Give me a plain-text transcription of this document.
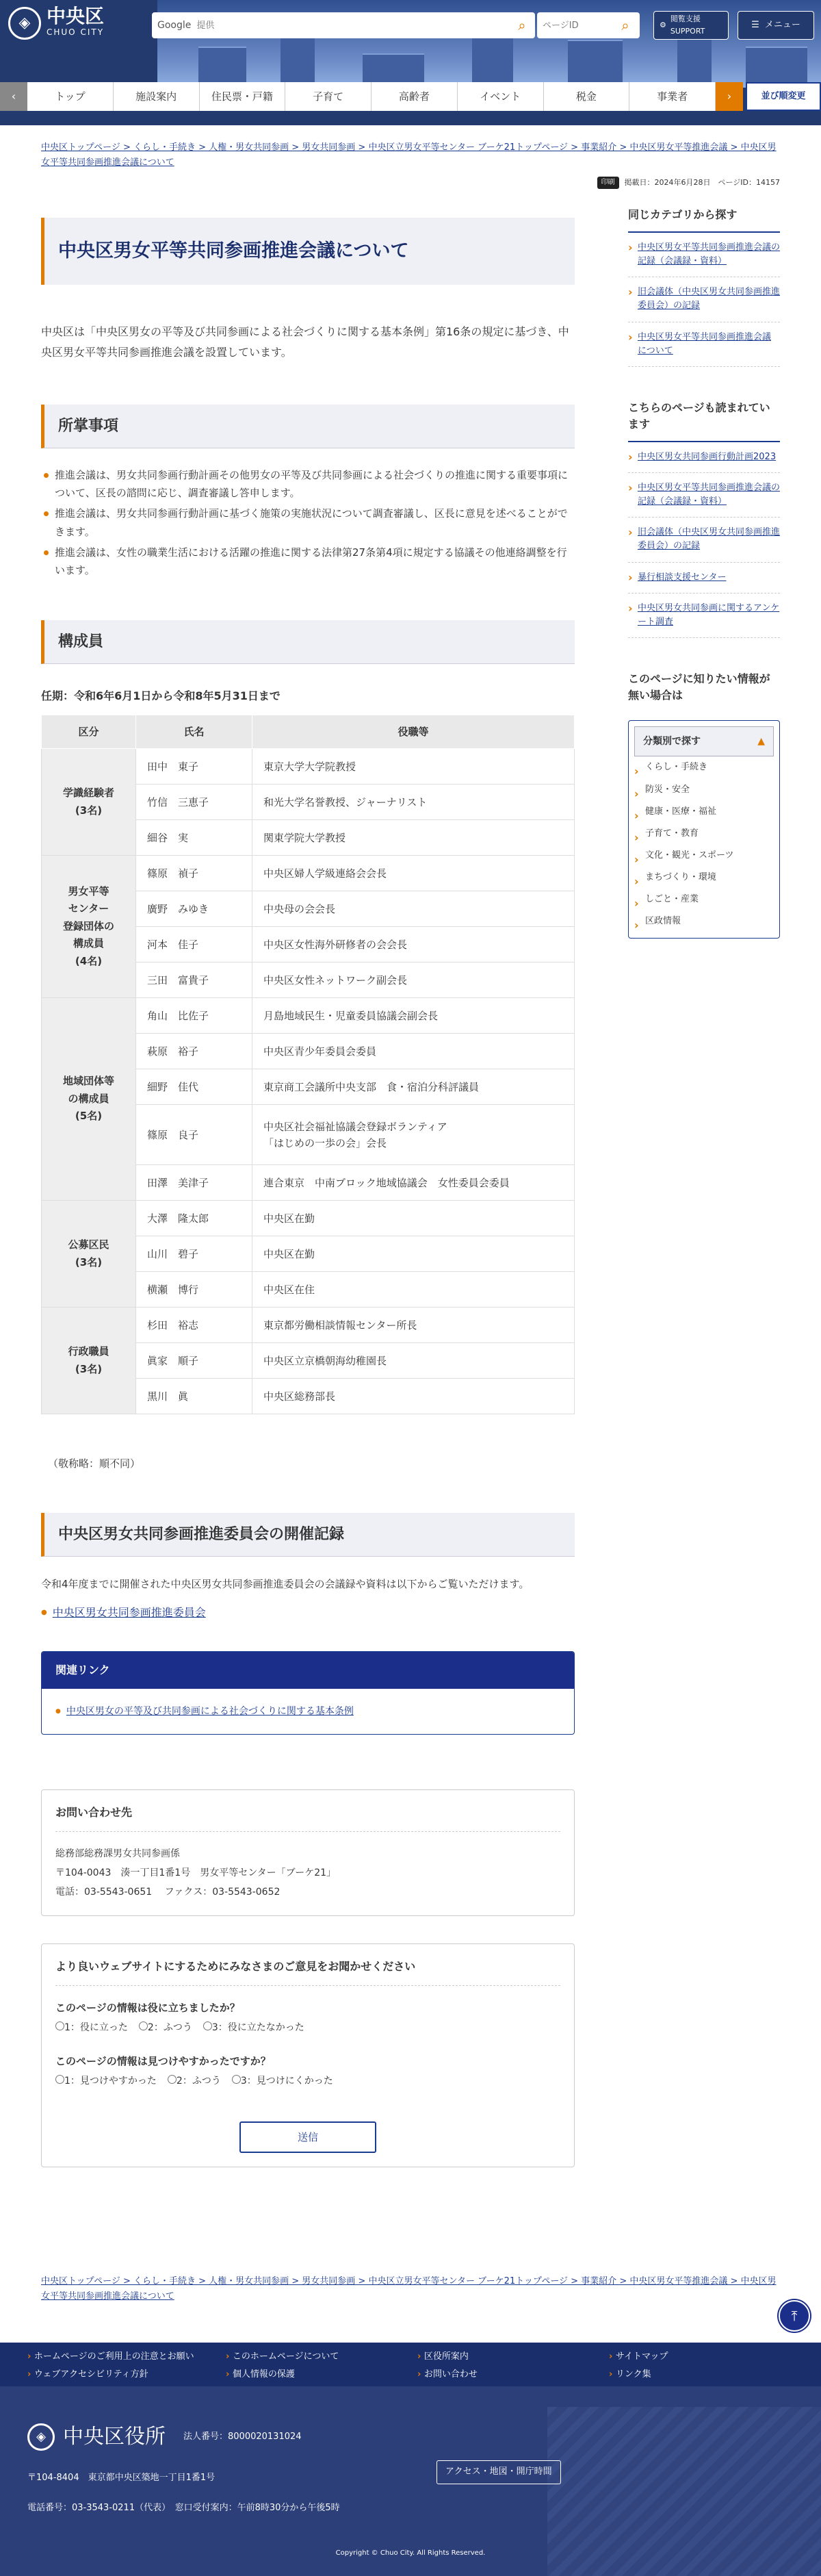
◈ 中央区
CHUO CITY
Google
提供	⌕
ページID	⌕	⚙
閲覧支援 SUPPORT
☰ メニュー
‹	トップ	施設案内	住民票・戸籍	子育て	高齢者	イベント	税金	事業者	›	並び順変更
中央区トップページ > くらし・手続き > 人権・男女共同参画 > 男女共同参画 > 中央区立男女平等センター ブーケ21トップページ > 事業紹介 > 中央区男女平等推進会議 > 中央区男女平等共同参画推進会議について
印刷	掲載日：2024年6月28日　ページID：14157
中央区男女平等共同参画推進会議について

中央区は「中央区男女の平等及び共同参画による社会づくりに関する基本条例」第16条の規定に基づき、中央区男女平等共同参画推進会議を設置しています。

所掌事項
推進会議は、男女共同参画行動計画その他男女の平等及び共同参画による社会づくりの推進に関する重要事項について、区長の諮問に応じ、調査審議し答申します。
推進会議は、男女共同参画行動計画に基づく施策の実施状況について調査審議し、区長に意見を述べることができます。
推進会議は、女性の職業生活における活躍の推進に関する法律第27条第4項に規定する協議その他連絡調整を行います。
構成員
任期：令和6年6月1日から令和8年5月31日まで
区分	氏名	役職等
学識経験者
(3名)	田中　東子	東京大学大学院教授
	竹信　三恵子	和光大学名誉教授、ジャーナリスト
	細谷　実	関東学院大学教授
男女平等
センター
登録団体の
構成員
(4名)	篠原　禎子	中央区婦人学級連絡会会長
	廣野　みゆき	中央母の会会長
	河本　佳子	中央区女性海外研修者の会会長
	三田　富貴子	中央区女性ネットワーク副会長
地域団体等
の構成員
(5名)	角山　比佐子	月島地域民生・児童委員協議会副会長
	萩原　裕子	中央区青少年委員会委員
	細野　佳代	東京商工会議所中央支部　食・宿泊分科評議員
	篠原　良子	中央区社会福祉協議会登録ボランティア
「はじめの一歩の会」会長
	田澤　美津子	連合東京　中南ブロック地域協議会　女性委員会委員
公募区民
(3名)	大澤　隆太郎	中央区在勤
	山川　碧子	中央区在勤
	横瀬　博行	中央区在住
行政職員
(3名)	杉田　裕志	東京都労働相談情報センター所長
	眞家　順子	中央区立京橋朝海幼稚園長
	黒川　眞	中央区総務部長

（敬称略：順不同）

中央区男女共同参画推進委員会の開催記録

令和4年度までに開催された中央区男女共同参画推進委員会の会議録や資料は以下からご覧いただけます。

● 中央区男女共同参画推進委員会
関連リンク
● 中央区男女の平等及び共同参画による社会づくりに関する基本条例
お問い合わせ先
総務部総務課男女共同参画係
〒104-0043　湊一丁目1番1号　男女平等センター「ブーケ21」
電話：03-5543-0651　 ファクス：03-5543-0652
より良いウェブサイトにするためにみなさまのご意見をお聞かせください
このページの情報は役に立ちましたか？
1：役に立った	2：ふつう	3：役に立たなかった
このページの情報は見つけやすかったですか？
1：見つけやすかった	2：ふつう	3：見つけにくかった
送信
同じカテゴリから探す
› 中央区男女平等共同参画推進会議の記録（会議録・資料）
› 旧会議体（中央区男女共同参画推進委員会）の記録
› 中央区男女平等共同参画推進会議について
こちらのページも読まれています
› 中央区男女共同参画行動計画2023
› 中央区男女平等共同参画推進会議の記録（会議録・資料）
› 旧会議体（中央区男女共同参画推進委員会）の記録
› 暴行相談支援センター
› 中央区男女共同参画に関するアンケート調査
このページに知りたい情報が無い場合は
分類別で探す	▲
› くらし・手続き
› 防災・安全
› 健康・医療・福祉
› 子育て・教育
› 文化・観光・スポーツ
› まちづくり・環境
› しごと・産業
› 区政情報
中央区トップページ > くらし・手続き > 人権・男女共同参画 > 男女共同参画 > 中央区立男女平等センター ブーケ21トップページ > 事業紹介 > 中央区男女平等推進会議 > 中央区男女平等共同参画推進会議について
⤒
› ホームページのご利用上の注意とお願い
› ウェブアクセシビリティ方針
› このホームページについて
› 個人情報の保護
› 区役所案内
› お問い合わせ
› サイトマップ
› リンク集
◈ 中央区役所 法人番号：8000020131024
アクセス・地図・開庁時間
〒104-8404　東京都中央区築地一丁目1番1号
電話番号：03-3543-0211（代表）　窓口受付案内：午前8時30分から午後5時
Copyright © Chuo City. All Rights Reserved.
